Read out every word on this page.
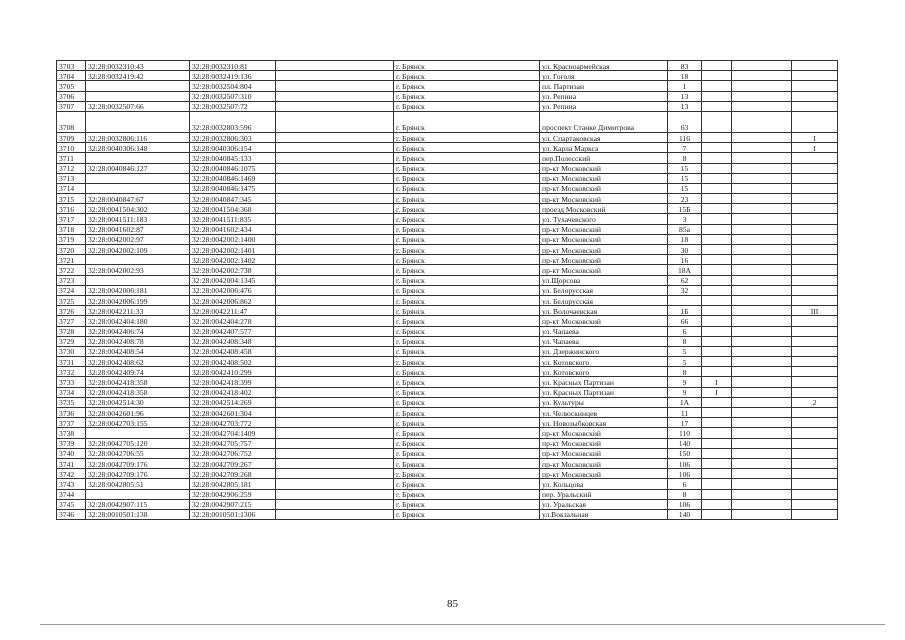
3703	32:28:0032310:43	32:28:0032310:81		г. Брянск	ул. Красноармейская	83			
3704	32:28:0032419:42	32:28:0032419:136		г. Брянск	ул. Гоголя	18			
3705		32:28:0032504:804		г. Брянск	пл. Партизан	1			
3706		32:28:0032507:310		г. Брянск	ул. Репина	13			
3707	32:28:0032507:66	32:28:0032507:72		г. Брянск	ул. Репина	13			
3708		32:28:0032803:596		г. Брянск	проспект Станке Димитрова	63			
3709	32:28:0032806:116	32:28:0032806:303		г. Брянск	ул. Спартаковская	116			I
3710	32:28:0040306:148	32:28:0040306:154		г. Брянск	ул. Карла Маркса	7			I
3711		32:28:0040845:133		г. Брянск	пер.Полесский	8			
3712	32:28:0040846:127	32:28:0040846:1075		г. Брянск	пр-кт Московский	15			
3713		32:28:0040846:1469		г. Брянск	пр-кт Московский	15			
3714		32:28:0040846:1475		г. Брянск	пр-кт Московский	15			
3715	32:28:0040847:67	32:28:0040847:345		г. Брянск	пр-кт Московский	23			
3716	32:28:0041504:302	32:28:0041504:368		г. Брянск	проезд Московский	15Б			
3717	32:28:0041511:183	32:28:0041511:835		г. Брянск	ул. Тухачевского	3			
3718	32:28:0041602:87	32:28:0041602:434		г. Брянск	пр-кт Московский	85а			
3719	32:28:0042002:97	32:28:0042002:1400		г. Брянск	пр-кт Московский	18			
3720	32:28:0042002:109	32:28:0042002:1401		г. Брянск	пр-кт Московский	30			
3721		32:28:0042002:1402		г. Брянск	пр-кт Московский	16			
3722	32:28:0042002:93	32:28:0042002:738		г. Брянск	пр-кт Московский	18А			
3723		32:28:0042004:1345		г. Брянск	ул.Щорсова	62			
3724	32:28:0042006:181	32:28:0042006:476		г. Брянск	ул. Белорусская	32			
3725	32:28:0042006:199	32:28:0042006:862		г. Брянск	ул. Белорусская				
3726	32:28:0042211:33	32:28:0042211:47		г. Брянск	ул. Волочаевская	1Б			III
3727	32:28:0042404:180	32:28:0042404:278		г. Брянск	пр-кт Московский	66			
3728	32:28:0042406:74	32:28:0042407:577		г. Брянск	ул. Чапаева	6			
3729	32:28:0042408:78	32:28:0042408:348		г. Брянск	ул. Чапаева	8			
3730	32:28:0042408:54	32:28:0042408:458		г. Брянск	ул. Дзержинского	5			
3731	32:28:0042408:62	32:28:0042408:502		г. Брянск	ул. Котовского	5			
3732	32:28:0042409:74	32:28:0042410:299		г. Брянск	ул. Котовского	8			
3733	32:28:0042418:358	32:28:0042418:399		г. Брянск	ул. Красных Партизан	9	I		
3734	32:28:0042418:358	32:28:0042418:402		г. Брянск	ул. Красных Партизан	9	I		
3735	32:28:0042514:30	32:28:0042514:269		г. Брянск	ул. Культуры	1А			2
3736	32:28:0042601:96	32:28:0042601:304		г. Брянск	ул. Челюскинцев	11			
3737	32:28:0042703:155	32:28:0042703:772		г. Брянск	ул. Новозыбковская	17			
3738		32:28:0042704:1409		г. Брянск	пр-кт Московский	110			
3739	32:28:0042705:120	32:28:0042705:757		г. Брянск	пр-кт Московский	140			
3740	32:28:0042706:55	32:28:0042706:752		г. Брянск	пр-кт Московский	150			
3741	32:28:0042709:176	32:28:0042709:267		г. Брянск	пр-кт Московский	106			
3742	32:28:0042709:176	32:28:0042709:268		г. Брянск	пр-кт Московский	106			
3743	32:28:0042805:51	32:28:0042805:181		г. Брянск	ул. Кольцова	6			
3744		32:28:0042906:259		г. Брянск	пер. Уральский	8			
3745	32:28:0042907:115	32:28:0042907:215		г. Брянск	ул. Уральская	106			
3746	32:28:0010501:138	32:28:0010501:1306		г. Брянск	ул.Вокзальная	140			
85
